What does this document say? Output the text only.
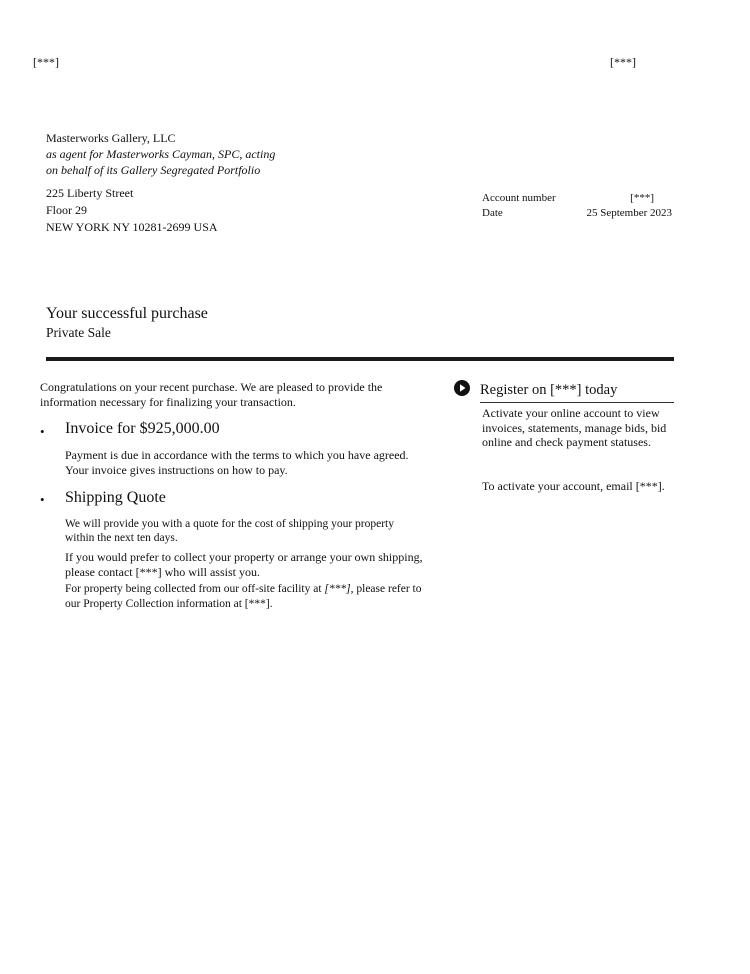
[***]	[***]
Masterworks Gallery, LLC
as agent for Masterworks Cayman, SPC, acting
on behalf of its Gallery Segregated Portfolio
225 Liberty Street
Floor 29
NEW YORK NY 10281-2699 USA
Account number	[***]
Date	25 September 2023
Your successful purchase
Private Sale
Congratulations on your recent purchase. We are pleased to provide the information necessary for finalizing your transaction.
• Invoice for $925,000.00
Payment is due in accordance with the terms to which you have agreed. Your invoice gives instructions on how to pay.
• Shipping Quote
We will provide you with a quote for the cost of shipping your property within the next ten days.
If you would prefer to collect your property or arrange your own shipping, please contact [***] who will assist you.
For property being collected from our off-site facility at [***], please refer to our Property Collection information at [***].
Register on [***] today
Activate your online account to view invoices, statements, manage bids, bid online and check payment statuses.
To activate your account, email [***].
